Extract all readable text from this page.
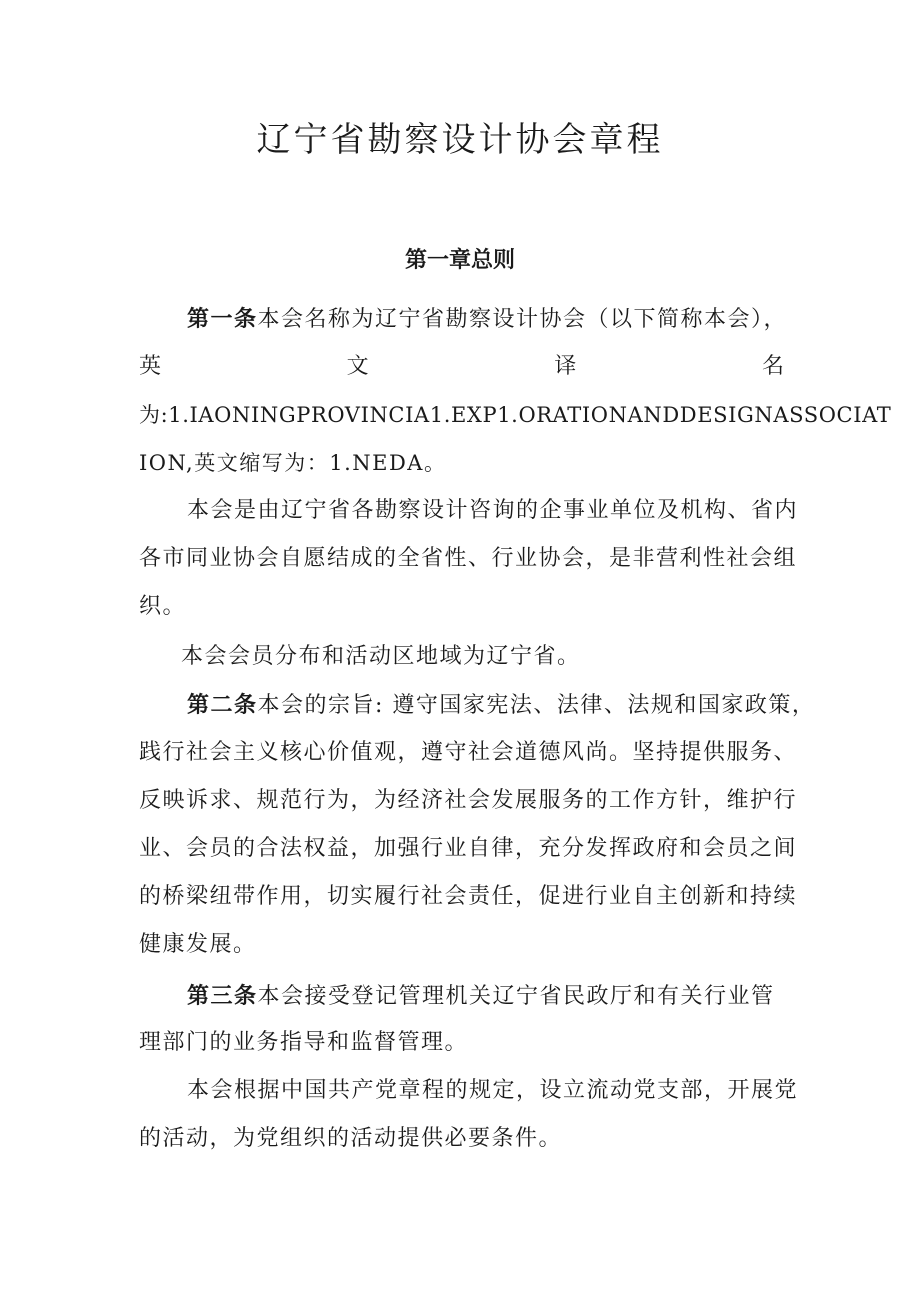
辽宁省勘察设计协会章程
第一章总则
第一条本会名称为辽宁省勘察设计协会（以下简称本会），
英	文	译	名
为:1.IAONINGPROVINCIA1.EXP1.ORATIONANDDESIGNASSOCIAT
ION,英文缩写为：1.NEDA。
本会是由辽宁省各勘察设计咨询的企事业单位及机构、省内
各市同业协会自愿结成的全省性、行业协会，是非营利性社会组
织。
本会会员分布和活动区地域为辽宁省。
第二条本会的宗旨: 遵守国家宪法、法律、法规和国家政策，
践行社会主义核心价值观，遵守社会道德风尚。坚持提供服务、
反映诉求、规范行为，为经济社会发展服务的工作方针，维护行
业、会员的合法权益，加强行业自律，充分发挥政府和会员之间
的桥梁纽带作用，切实履行社会责任，促进行业自主创新和持续
健康发展。
第三条本会接受登记管理机关辽宁省民政厅和有关行业管
理部门的业务指导和监督管理。
本会根据中国共产党章程的规定，设立流动党支部，开展党
的活动，为党组织的活动提供必要条件。
